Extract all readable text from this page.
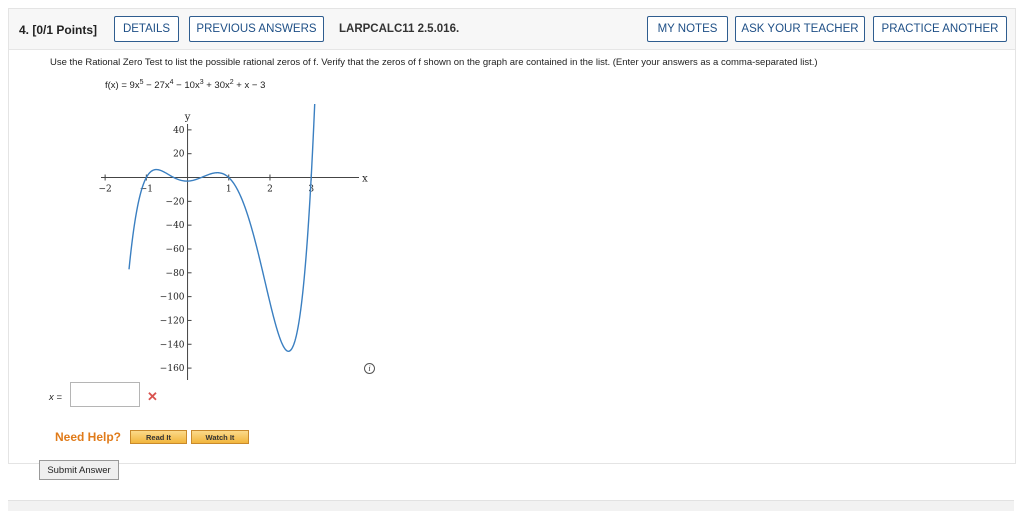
4. [0/1 Points]	DETAILS	PREVIOUS ANSWERS	LARPCALC11 2.5.016.	MY NOTES	ASK YOUR TEACHER	PRACTICE ANOTHER
Use the Rational Zero Test to list the possible rational zeros of f. Verify that the zeros of f shown on the graph are contained in the list. (Enter your answers as a comma-separated list.)
$f(x) = 9x^5 - 27x^4 - 10x^3 + 30x^2 + x - 3$
x
y
−2	−1	1	2	3
40
20
−20
−40
−60
−80
−100
−120
−140
−160	i
x =	✕
Need Help?	Read It	Watch It
Submit Answer
